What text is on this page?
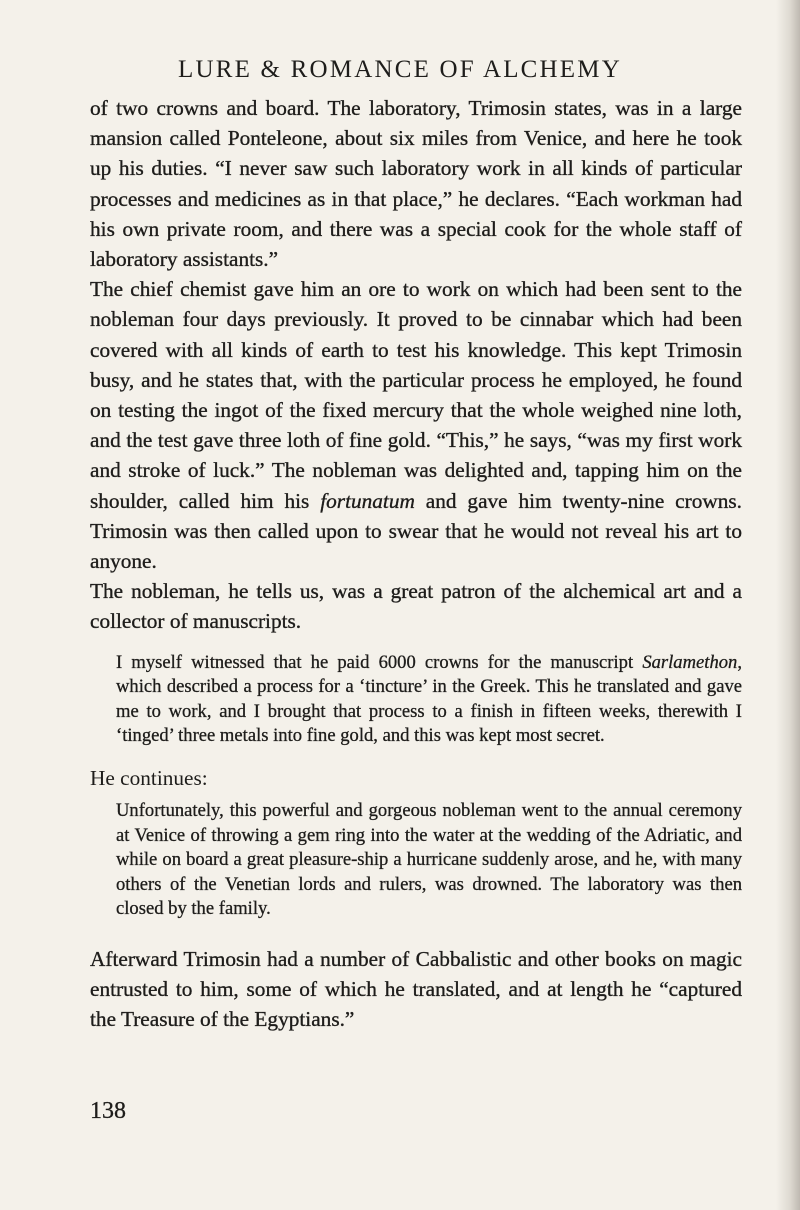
LURE & ROMANCE OF ALCHEMY

of two crowns and board. The laboratory, Trimosin states, was in a large mansion called Ponteleone, about six miles from Venice, and here he took up his duties. “I never saw such laboratory work in all kinds of particular processes and medicines as in that place,” he declares. “Each workman had his own private room, and there was a special cook for the whole staff of laboratory assistants.”

The chief chemist gave him an ore to work on which had been sent to the nobleman four days previously. It proved to be cinnabar which had been covered with all kinds of earth to test his knowledge. This kept Trimosin busy, and he states that, with the particular process he employed, he found on testing the ingot of the fixed mercury that the whole weighed nine loth, and the test gave three loth of fine gold. “This,” he says, “was my first work and stroke of luck.” The nobleman was delighted and, tapping him on the shoulder, called him his fortunatum and gave him twenty-nine crowns. Trimosin was then called upon to swear that he would not reveal his art to anyone.

The nobleman, he tells us, was a great patron of the alchemical art and a collector of manuscripts.

I myself witnessed that he paid 6000 crowns for the manuscript Sarlamethon, which described a process for a ‘tincture’ in the Greek. This he translated and gave me to work, and I brought that process to a finish in fifteen weeks, therewith I ‘tinged’ three metals into fine gold, and this was kept most secret.

He continues:

Unfortunately, this powerful and gorgeous nobleman went to the annual ceremony at Venice of throwing a gem ring into the water at the wedding of the Adriatic, and while on board a great pleasure-ship a hurricane suddenly arose, and he, with many others of the Venetian lords and rulers, was drowned. The laboratory was then closed by the family.

Afterward Trimosin had a number of Cabbalistic and other books on magic entrusted to him, some of which he translated, and at length he “captured the Treasure of the Egyptians.”

138
